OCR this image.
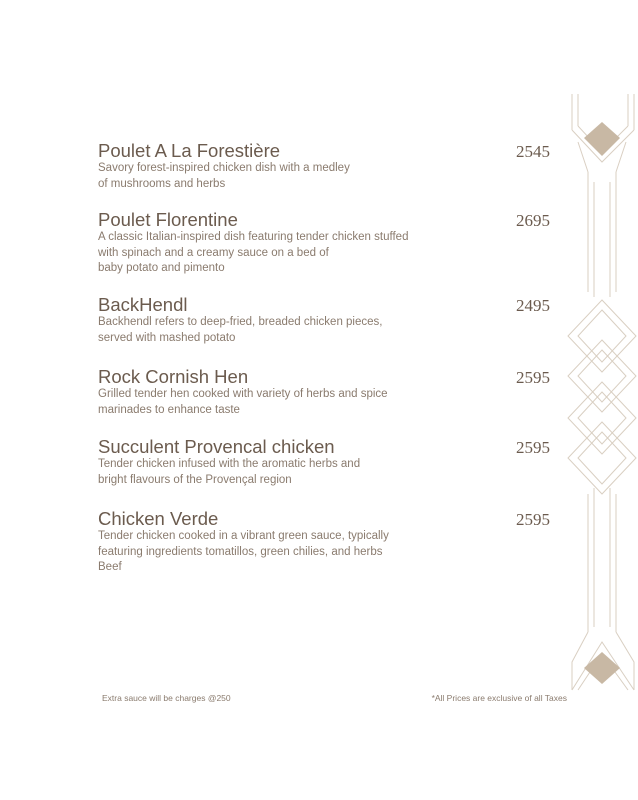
Poulet A La Forestière	2545
Savory forest-inspired chicken dish with a medley
of mushrooms and herbs
Poulet Florentine	2695
A classic Italian-inspired dish featuring tender chicken stuffed
with spinach and a creamy sauce on a bed of
baby potato and pimento
BackHendl	2495
Backhendl refers to deep-fried, breaded chicken pieces,
served with mashed potato
Rock Cornish Hen	2595
Grilled tender hen cooked with variety of herbs and spice
marinades to enhance taste
Succulent Provencal chicken	2595
Tender chicken infused with the aromatic herbs and
bright flavours of the Provençal region
Chicken Verde	2595
Tender chicken cooked in a vibrant green sauce, typically
featuring ingredients tomatillos, green chilies, and herbs
Beef
Extra sauce will be charges @250	*All Prices are exclusive of all Taxes
